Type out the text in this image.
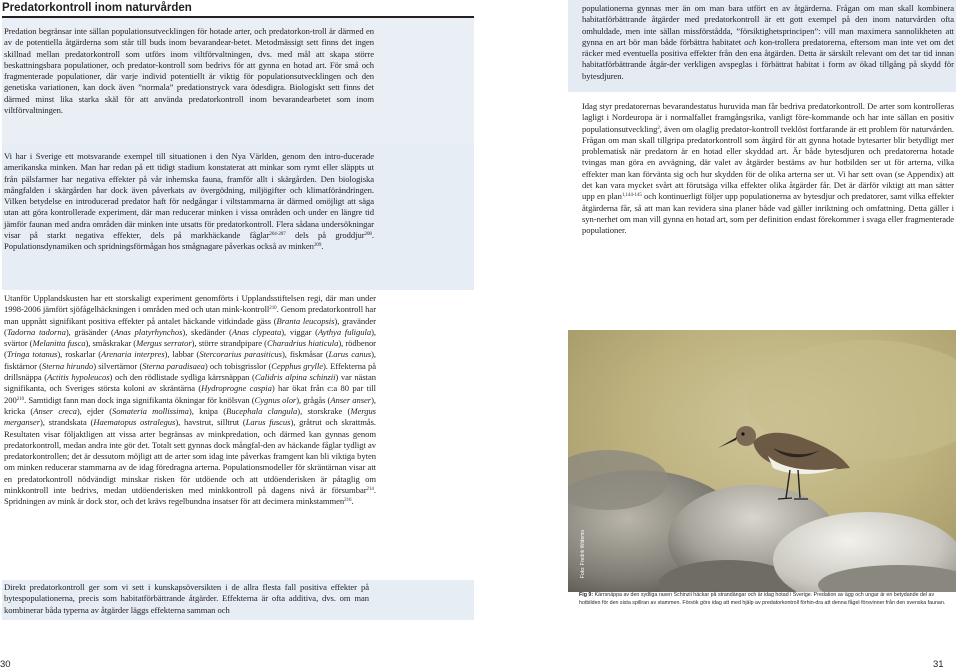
Predatorkontroll inom naturvården

Predation begränsar inte sällan populationsutvecklingen för hotade arter, och predatorkon-troll är därmed en av de potentiella åtgärderna som står till buds inom bevarandear-betet. Metodmässigt sett finns det ingen skillnad mellan predatorkontroll som utförs inom viltförvaltningen, dvs. med mål att skapa större beskattningsbara populationer, och predator-kontroll som bedrivs för att gynna en hotad art. För små och fragmenterade populationer, där varje individ potentiellt är viktig för populationsutvecklingen och den genetiska variationen, kan dock även ”normala” predationstryck vara ödesdigra. Biologiskt sett finns det därmed minst lika starka skäl för att använda predatorkontroll inom bevarandearbetet som inom viltförvaltningen.

Vi har i Sverige ett motsvarande exempel till situationen i den Nya Världen, genom den intro-ducerade amerikanska minken. Man har redan på ett tidigt stadium konstaterat att minkar som rymt eller släppts ut från pälsfarmer har negativa effekter på vår inhemska fauna, framför allt i skärgården. Den biologiska mångfalden i skärgården har dock även påverkats av övergödning, miljögifter och klimatförändringen. Vilken betydelse en introducerad predator haft för nedgångar i viltstammarna är därmed omöjligt att säga utan att göra kontrollerade experiment, där man reducerar minken i vissa områden och under en längre tid jämför faunan med andra områden där minken inte utsatts för predatorkontroll. Flera sådana undersökningar visar på starkt negativa effekter, dels på markhäckande fåglar$^{204-207}$ dels på groddjur$^{208}$. Populationsdynamiken och spridningsförmågan hos smågnagare påverkas också av minken$^{209}$.

Utanför Upplandskusten har ett storskaligt experiment genomförts i Upplandsstiftelsen regi, där man under 1998-2006 jämfört sjöfågelhäckningen i områden med och utan mink-kontroll$^{210}$. Genom predatorkontroll har man uppnått signifikant positiva effekter på antalet häckande vitkindade gäss (Branta leucopsis), gravänder (Tadorna tadorna), gräsänder (Anas platyrhynchos), skedänder (Anas clypeata), viggar (Aythya fuligula), svärtor (Melanitta fusca), småskrakar (Mergus serrator), större strandpipare (Charadrius hiaticula), rödbenor (Tringa totanus), roskarlar (Arenaria interpres), labbar (Stercorarius parasiticus), fiskmåsar (Larus canus), fisktärnor (Sterna hirundo) silvertärnor (Sterna paradisaea) och tobisgrisslor (Cepphus grylle). Effekterna på drillsnäppa (Actitis hypoleucos) och den rödlistade sydliga kärrsnäppan (Calidris alpina schinzii) var nästan signifikanta, och Sveriges största koloni av skräntärna (Hydroprogne caspia) har ökat från c:a 80 par till $200^{210}$. Samtidigt fann man dock inga signifikanta ökningar för knölsvan (Cygnus olor), grågås (Anser anser), kricka (Anser creca), ejder (Somateria mollissima), knipa (Bucephala clangula), storskrake (Mergus merganser), strandskata (Haematopus ostralegus), havstrut, silltrut (Larus fuscus), gråtrut och skrattmås. Resultaten visar följaktligen att vissa arter begränsas av minkpredation, och därmed kan gynnas genom predatorkontroll, medan andra inte gör det. Totalt sett gynnas dock mångfal-den av häckande fåglar tydligt av predatorkontrollen; det är dessutom möjligt att de arter som idag inte påverkas framgent kan bli viktiga byten om minken reducerar stammarna av de idag föredragna arterna. Populationsmodeller för skräntärnan visar att en predatorkontroll nödvändigt minskar risken för utdöende och att utdöenderisken är påtaglig om minkkontroll inte bedrivs, medan utdöenderisken med minkkontroll på dagens nivå är försumbar$^{214}$. Spridningen av mink är dock stor, och det krävs regelbundna insatser för att decimera minkstammen$^{216}$.

Direkt predatorkontroll ger som vi sett i kunskapsöversikten i de allra flesta fall positiva effekter på bytespopulationerna, precis som habitatförbättrande åtgärder. Effekterna är ofta additiva, dvs. om man kombinerar båda typerna av åtgärder läggs effekterna samman och

30

populationerna gynnas mer än om man bara utfört en av åtgärderna. Frågan om man skall kombinera habitatförbättrande åtgärder med predatorkontroll är ett gott exempel på den inom naturvården ofta omhuldade, men inte sällan missförstådda, ”försiktighetsprincipen”: vill man maximera sannolikheten att gynna en art bör man både förbättra habitatet och kon-trollera predatorerna, eftersom man inte vet om det räcker med eventuella positiva effekter från den ena åtgärden. Detta är särskilt relevant om det tar tid innan habitatförbättrande åtgär-der verkligen avspeglas i förbättrat habitat i form av ökad tillgång på skydd för bytesdjuren.

Idag styr predatorernas bevarandestatus huruvida man får bedriva predatorkontroll. De arter som kontrolleras lagligt i Nordeuropa är i normalfallet framgångsrika, vanligt före-kommande och har inte sällan en positiv populationsutveckling$^2$, även om olaglig predator-kontroll tveklöst fortfarande är ett problem för naturvården. Frågan om man skall tillgripa predatorkontroll som åtgärd för att gynna hotade bytesarter blir betydligt mer problematisk när predatorn är en hotad eller skyddad art. Är både bytesdjuren och predatorerna hotade tvingas man göra en avvägning, där valet av åtgärder bestäms av hur hotbilden ser ut för arterna, vilka effekter man kan förvänta sig och hur skydden för de olika arterna ser ut. Vi har sett ovan (se Appendix) att det kan vara mycket svårt att förutsäga vilka effekter olika åtgärder får. Det är därför viktigt att man sätter upp en plan$^{1,144-145}$ och kontinuerligt följer upp populationerna av bytesdjur och predatorer, samt vilka effekter åtgärderna får, så att man kan revidera sina planer både vad gäller inriktning och omfattning. Detta gäller i syn-nerhet om man vill gynna en hotad art, som per definition endast förekommer i svaga eller fragmenterade populationer.

Foto: Fredrik Widemo

Fig 9: Kärrsnäppa av den sydliga rasen Schinzii häckar på strandängar och är idag hotad i Sverige. Predation av ägg och ungar är en betydande del av hotbilden för den sista spillran av stammen. Försök görs idag att med hjälp av predatorkontroll förhin-dra att denna fågel försvinner från den svenska faunan.

31
